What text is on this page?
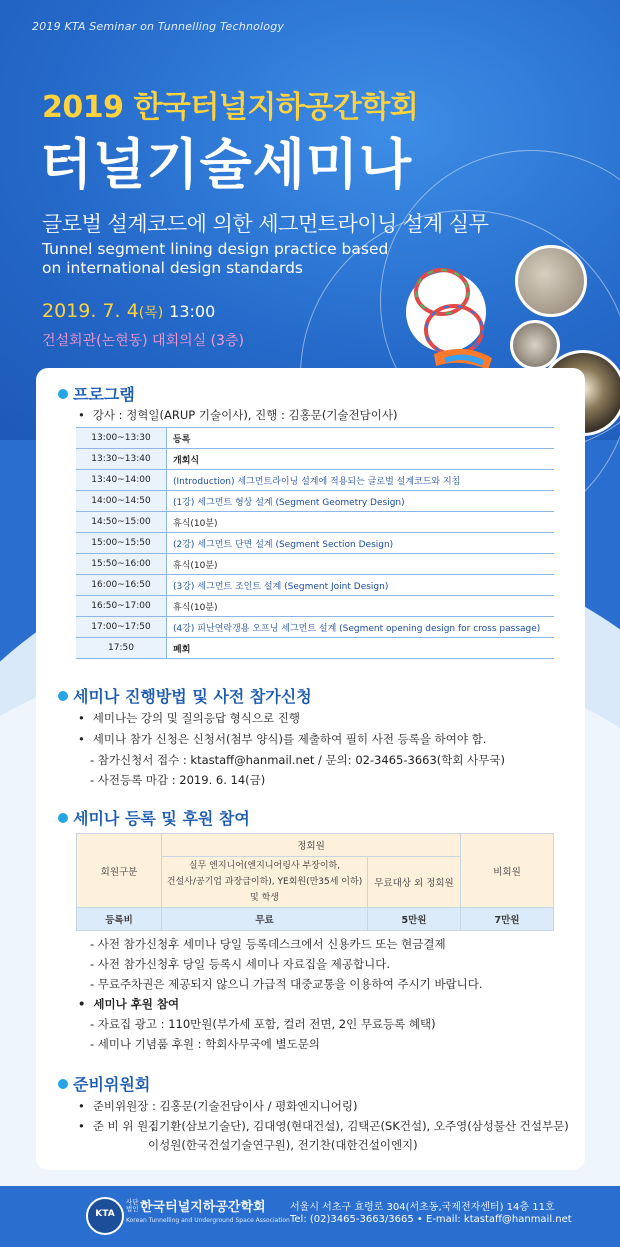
2019 KTA Seminar on Tunnelling Technology
2019 한국터널지하공간학회
터널기술세미나
글로벌 설계코드에 의한 세그먼트라이닝 설계 실무
Tunnel segment lining design practice based on international design standards
2019. 7. 4(목) 13:00
건설회관(논현동) 대회의실 (3층)
프로그램
• 강사 : 정혁일(ARUP 기술이사), 진행 : 김홍문(기술전담이사)
13:00~13:30	등록
13:30~13:40	개회식
13:40~14:00	(Introduction) 세그먼트라이닝 설계에 적용되는 글로벌 설계코드와 지침
14:00~14:50	(1강) 세그먼트 형상 설계 (Segment Geometry Design)
14:50~15:00	휴식(10분)
15:00~15:50	(2강) 세그먼트 단면 설계 (Segment Section Design)
15:50~16:00	휴식(10분)
16:00~16:50	(3강) 세그먼트 조인트 설계 (Segment Joint Design)
16:50~17:00	휴식(10분)
17:00~17:50	(4강) 피난연락갱용 오프닝 세그먼트 설계 (Segment opening design for cross passage)
17:50	폐회
세미나 진행방법 및 사전 참가신청
• 세미나는 강의 및 질의응답 형식으로 진행
• 세미나 참가 신청은 신청서(첨부 양식)를 제출하여 필히 사전 등록을 하여야 함.
- 참가신청서 접수 : ktastaff@hanmail.net / 문의: 02-3465-3663(학회 사무국)
- 사전등록 마감 : 2019. 6. 14(금)
세미나 등록 및 후원 참여
회원구분	정회원		비회원
	실무 엔지니어(엔지니어링사 부장이하,
건설사/공기업 과장급이하), YE회원(만35세 이하) 및 학생	무료대상 외 정회원	
등록비	무료	5만원	7만원
- 사전 참가신청후 세미나 당일 등록데스크에서 신용카드 또는 현금결제
- 사전 참가신청후 당일 등록시 세미나 자료집을 제공합니다.
- 무료주차권은 제공되지 않으니 가급적 대중교통을 이용하여 주시기 바랍니다.
• 세미나 후원 참여
- 자료집 광고 : 110만원(부가세 포함, 컬러 전면, 2인 무료등록 혜택)
- 세미나 기념품 후원 : 학회사무국에 별도문의
준비위원회
• 준비위원장 : 김홍문(기술전담이사 / 평화엔지니어링)
• 준 비 위 원 :
김기환(삼보기술단), 김대영(현대건설), 김택곤(SK건설), 오주영(삼성물산 건설부문)
이성원(한국건설기술연구원), 전기찬(대한건설이엔지)
KTA
사단
법인 한국터널지하공간학회
Korean Tunnelling and Underground Space Association
서울시 서초구 효령로 304(서초동,국제전자센터) 14층 11호
Tel: (02)3465-3663/3665 • E-mail: ktastaff@hanmail.net
